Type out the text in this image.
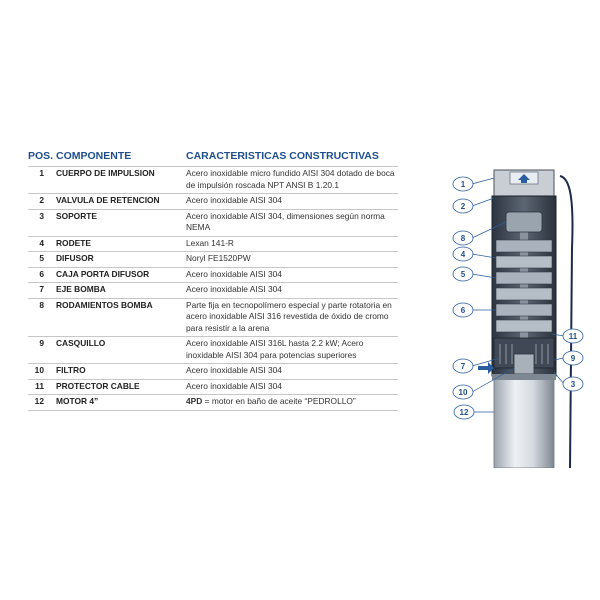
POS. COMPONENTE	CARACTERISTICAS CONSTRUCTIVAS
1 CUERPO DE IMPULSION	Acero inoxidable micro fundido AISI 304 dotado de boca de impulsión roscada NPT ANSI B 1.20.1
2 VALVULA DE RETENCION	Acero inoxidable AISI 304
3 SOPORTE	Acero inoxidable AISI 304, dimensiones según norma NEMA
4 RODETE	Lexan 141-R
5 DIFUSOR	Noryl FE1520PW
6 CAJA PORTA DIFUSOR	Acero inoxidable AISI 304
7 EJE BOMBA	Acero inoxidable AISI 304
8 RODAMIENTOS BOMBA	Parte fija en tecnopolímero especial y parte rotatoria en acero inoxidable AISI 316 revestida de óxido de cromo para resistir a la arena
9 CASQUILLO	Acero inoxidable AISI 316L hasta 2.2 kW; Acero inoxidable AISI 304 para potencias superiores
10 FILTRO	Acero inoxidable AISI 304
11 PROTECTOR CABLE	Acero inoxidable AISI 304
12 MOTOR 4”	4PD = motor en baño de aceite “PEDROLLO”
1
2
8
4
5
6
11
7
9
10
3
12
